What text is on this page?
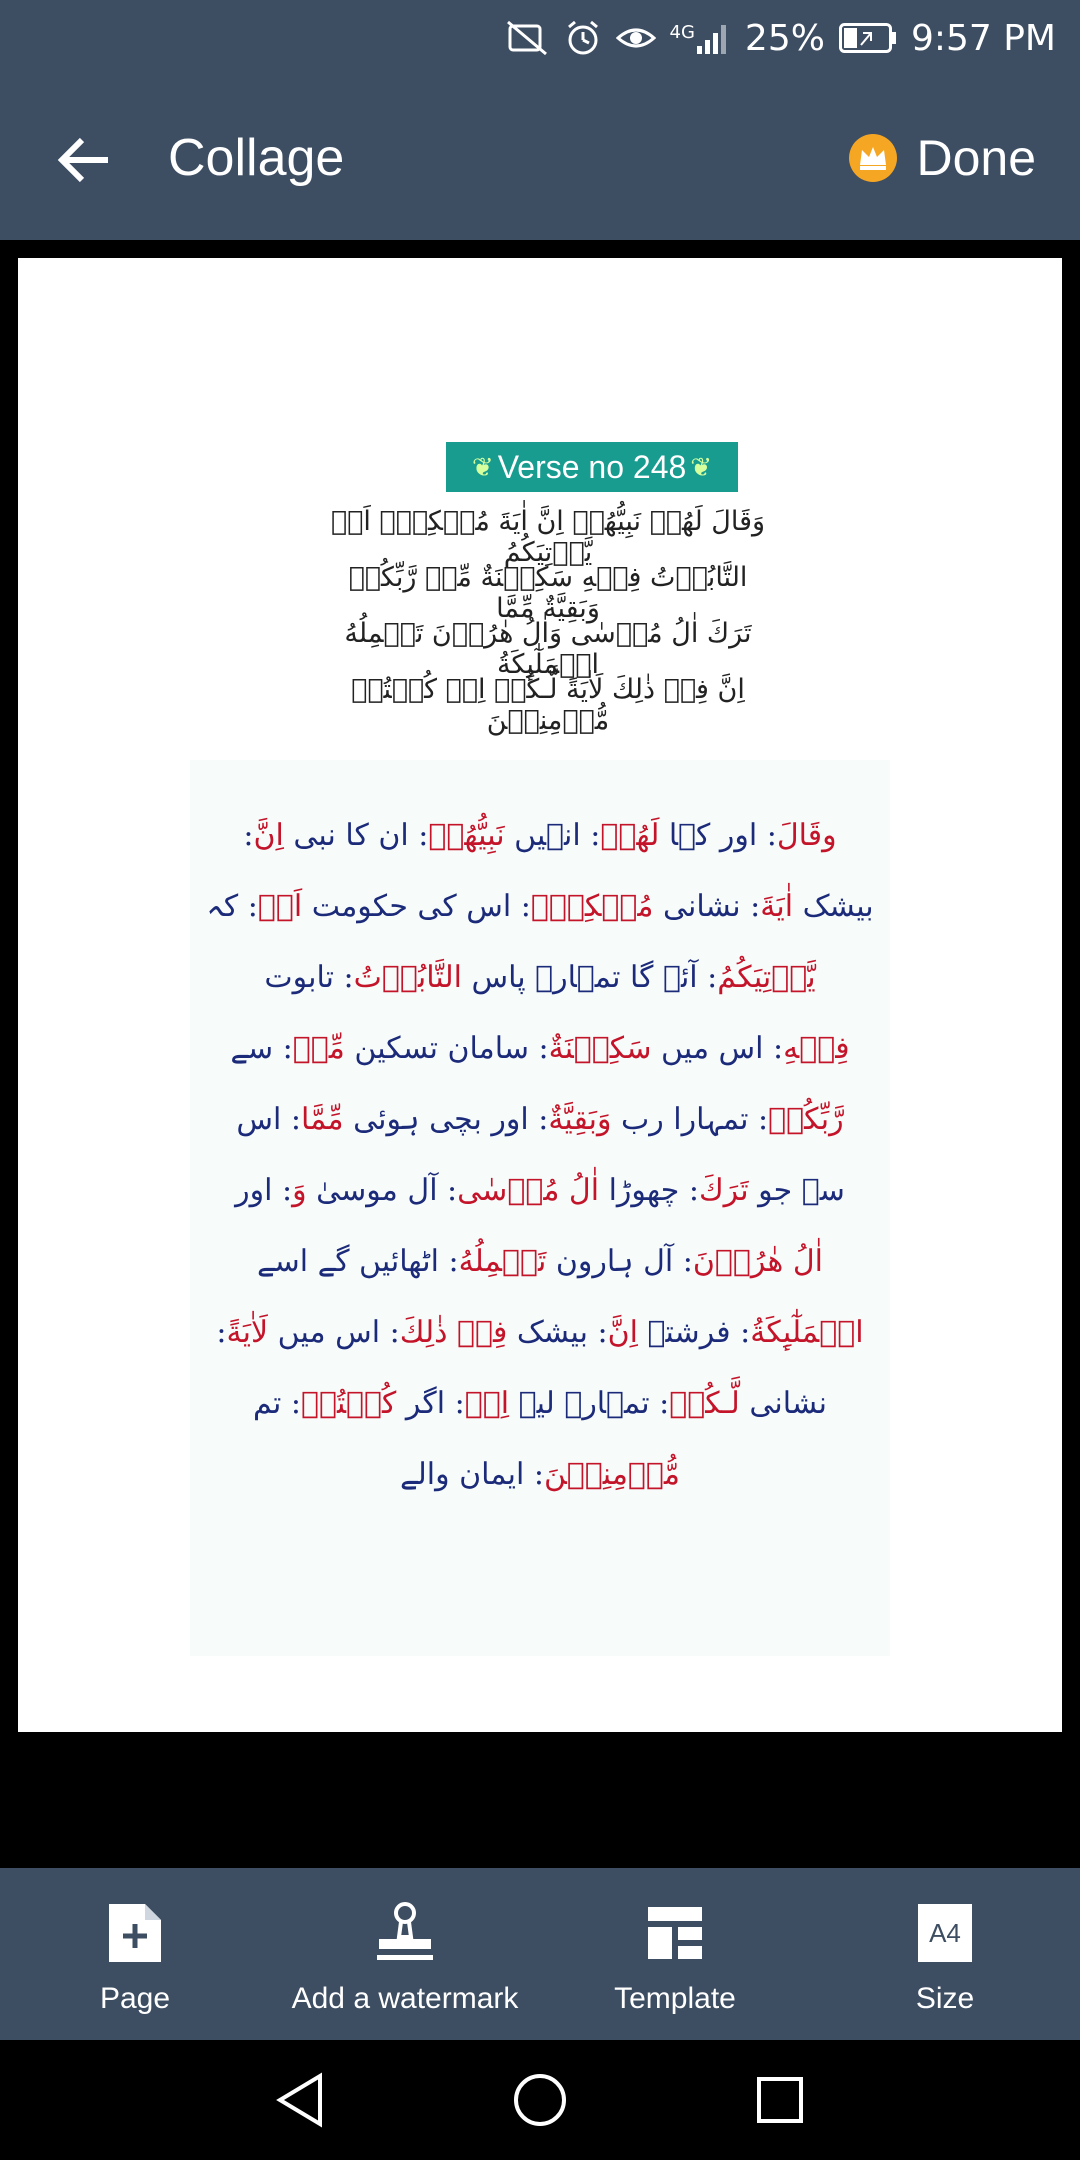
4G 25% 9:57 PM
Collage	Done
❦ Verse no 248 ❦
وَقَالَ لَهُمۡ نَبِيُّهُمۡ اِنَّ اٰيَةَ مُلۡكِهٖۤ اَنۡ يَّاۡتِيَكُمُ
التَّابُوۡتُ فِيۡهِ سَكِيۡنَةٌ مِّنۡ رَّبِّكُمۡ وَبَقِيَّةٌ مِّمَّا
تَرَكَ اٰلُ مُوۡسٰى وَاٰلُ هٰرُوۡنَ تَحۡمِلُهُ الۡمَلٰٓٮِٕكَةُ
اِنَّ فِىۡ ذٰلِكَ لَاٰيَةً لَّـکُمۡ اِنۡ كُنۡتُمۡ مُّؤۡمِنِيۡنَ
وقَالَ: اور کہا لَهُمۡ: انہیں نَبِيُّهُمۡ: ان کا نبی اِنَّ:
بیشک اٰيَةَ: نشانی مُلۡكِهٖۤ: اس کی حکومت اَنۡ: کہ
يَّاۡتِيَكُمُ: آئے گا تمہارے پاس التَّابُوۡتُ: تابوت
فِيۡهِ: اس میں سَكِيۡنَةٌ: سامان تسکین مِّنۡ: سے
رَّبِّكُمۡ: تمہارا رب وَبَقِيَّةٌ: اور بچی ہوئی مِّمَّا: اس
سے جو تَرَكَ: چھوڑا اٰلُ مُوۡسٰى: آل موسیٰ وَ: اور
اٰلُ هٰرُوۡنَ: آل ہارون تَحۡمِلُهُ: اٹھائیں گے اسے
الۡمَلٰٓٮِٕكَةُ: فرشتے اِنَّ: بیشک فِىۡ ذٰلِكَ: اس میں لَاٰيَةً:
نشانی لَّـکُمۡ: تمہارے لیے اِنۡ: اگر كُنۡتُمۡ: تم
مُّؤۡمِنِيۡنَ: ایمان والے
Page	Add a watermark	Template
A4
Size
